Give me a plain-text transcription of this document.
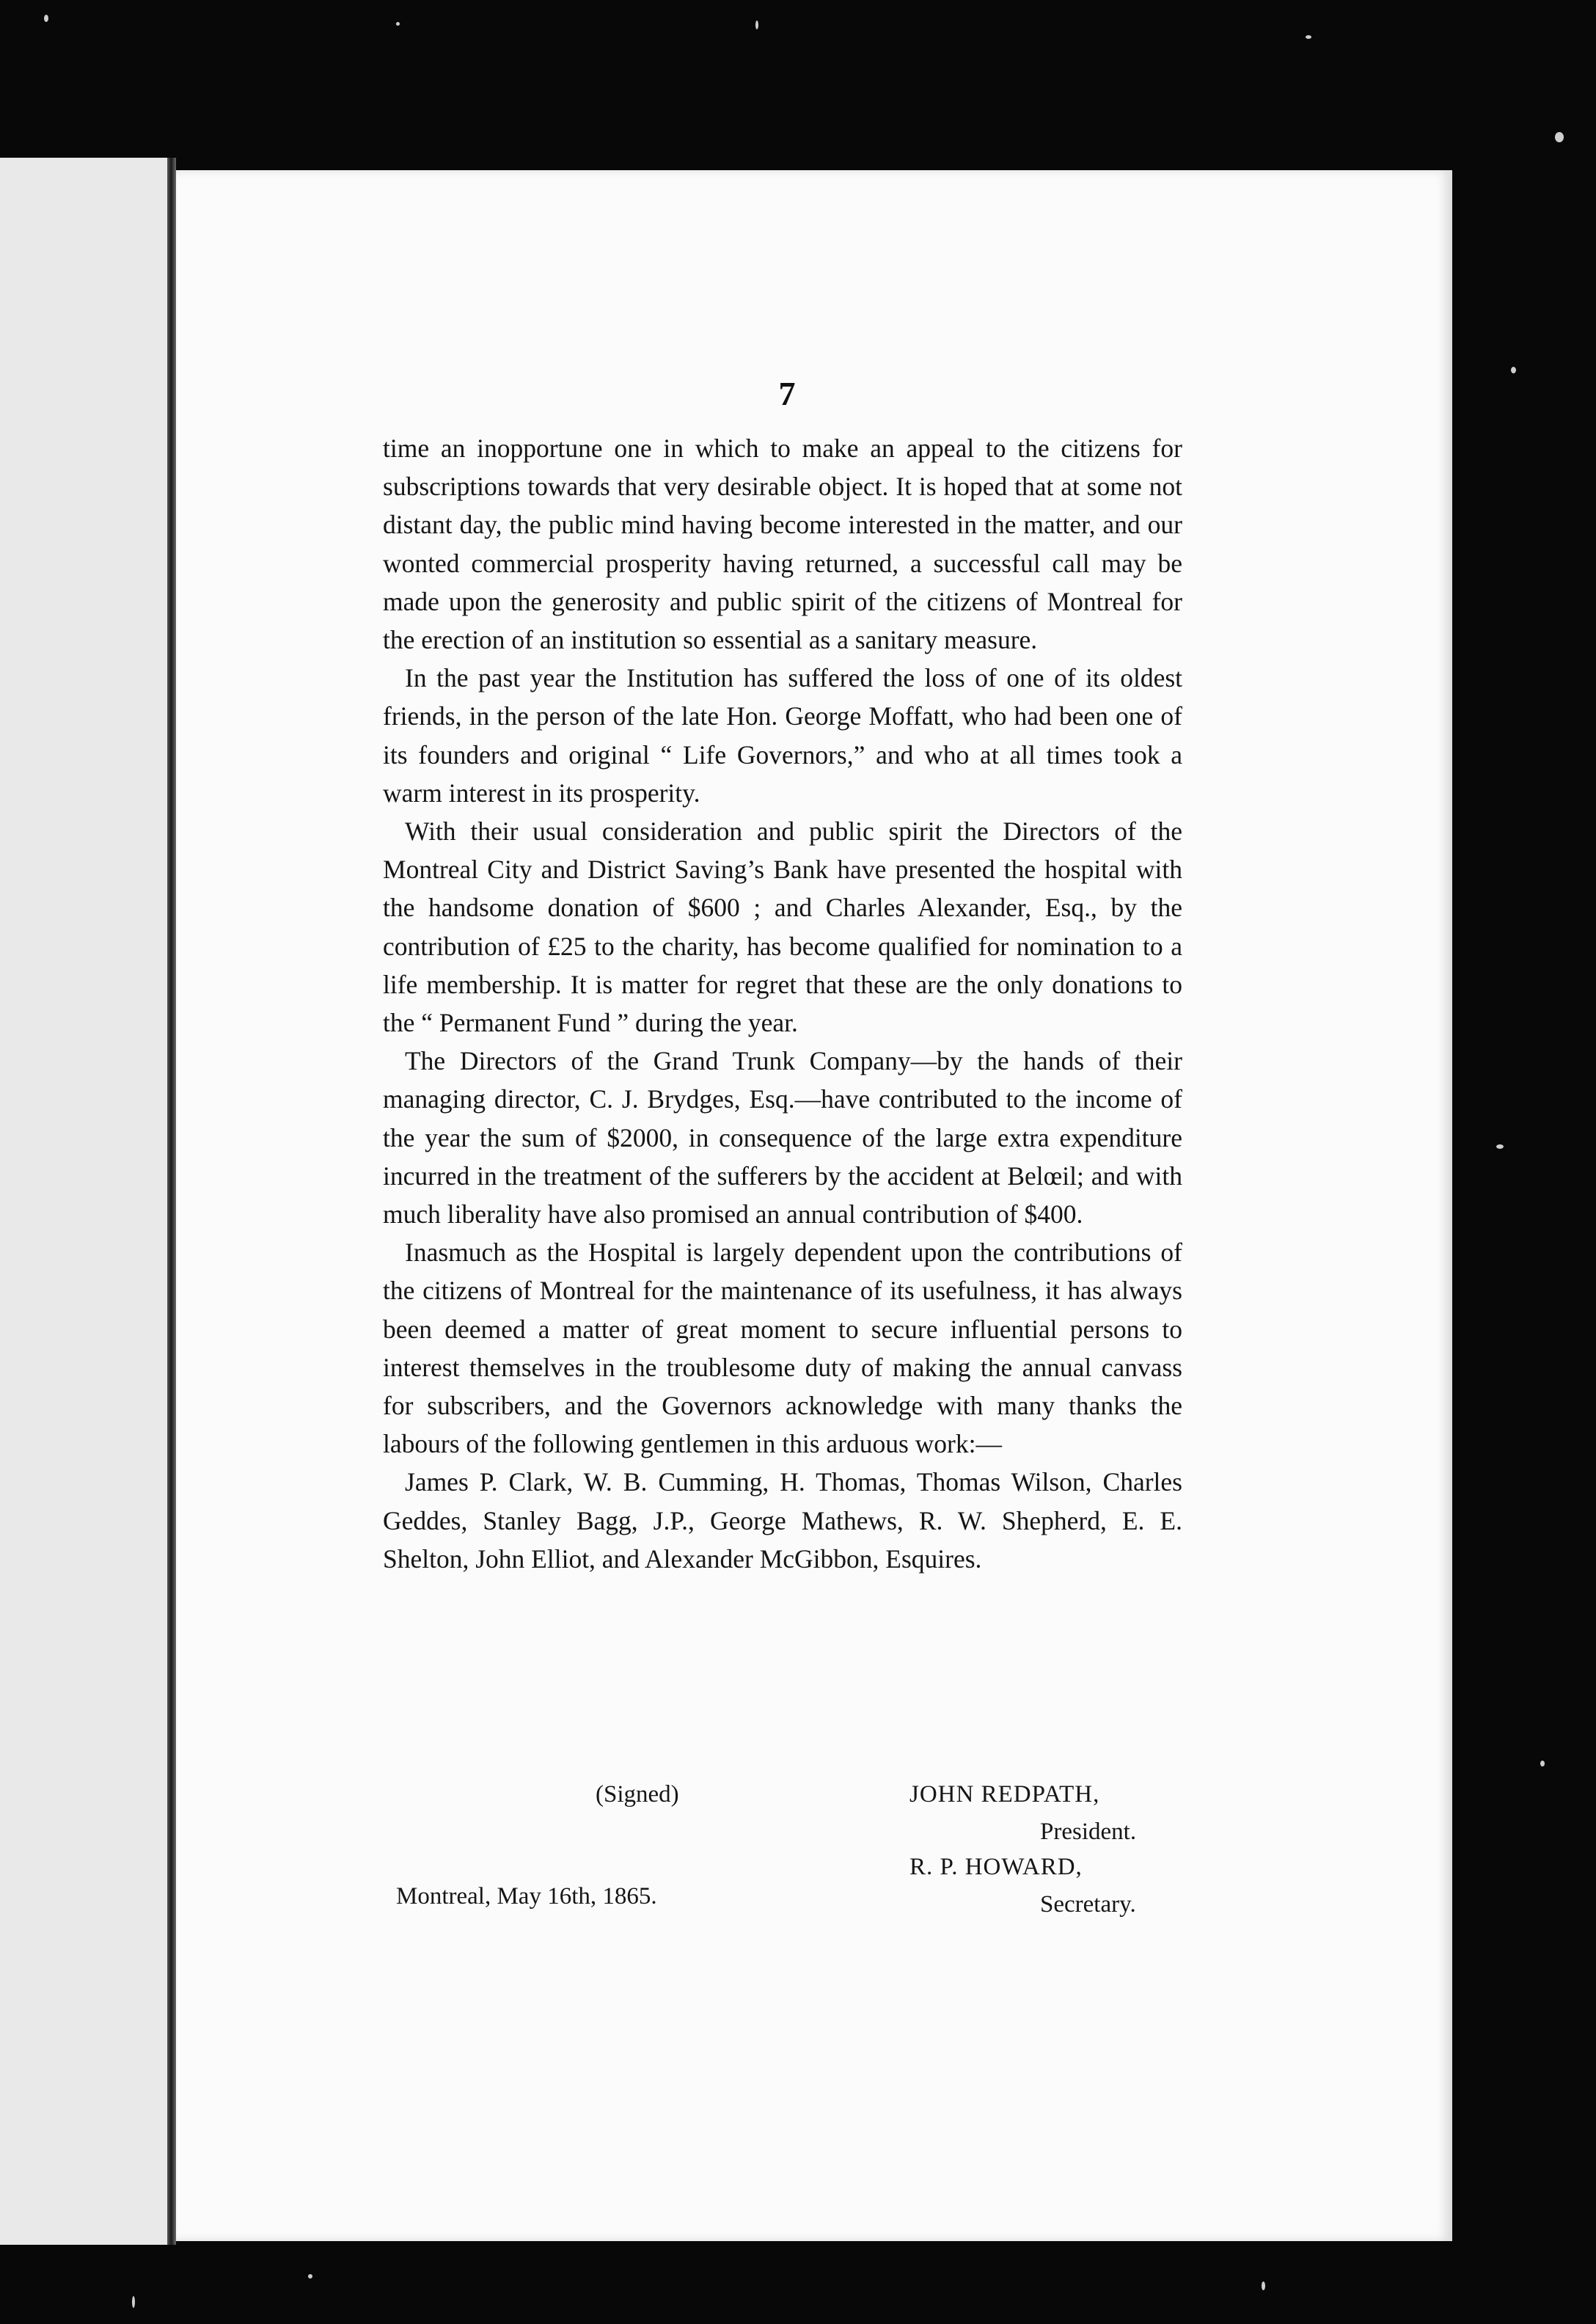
7

time an inopportune one in which to make an appeal to the citizens for subscriptions towards that very desirable object. It is hoped that at some not distant day, the public mind having become interested in the matter, and our wonted commercial prosperity having returned, a successful call may be made upon the generosity and public spirit of the citizens of Montreal for the erection of an institution so essential as a sanitary measure.

In the past year the Institution has suffered the loss of one of its oldest friends, in the person of the late Hon. George Moffatt, who had been one of its founders and original “ Life Governors,” and who at all times took a warm interest in its prosperity.

With their usual consideration and public spirit the Directors of the Montreal City and District Saving’s Bank have presented the hospital with the handsome donation of $600 ; and Charles Alexander, Esq., by the contribution of £25 to the charity, has become qualified for nomination to a life membership. It is matter for regret that these are the only donations to the “ Permanent Fund ” during the year.

The Directors of the Grand Trunk Company—by the hands of their managing director, C. J. Brydges, Esq.—have contributed to the income of the year the sum of $2000, in consequence of the large extra expenditure incurred in the treatment of the sufferers by the accident at Belœil; and with much liberality have also promised an annual contribution of $400.

Inasmuch as the Hospital is largely dependent upon the contributions of the citizens of Montreal for the maintenance of its usefulness, it has always been deemed a matter of great moment to secure influential persons to interest themselves in the troublesome duty of making the annual canvass for subscribers, and the Governors acknowledge with many thanks the labours of the following gentlemen in this arduous work:—

James P. Clark, W. B. Cumming, H. Thomas, Thomas Wilson, Charles Geddes, Stanley Bagg, J.P., George Mathews, R. W. Shepherd, E. E. Shelton, John Elliot, and Alexander McGibbon, Esquires.

(Signed)	JOHN REDPATH,
President.
R. P. HOWARD,
Secretary.
Montreal, May 16th, 1865.
